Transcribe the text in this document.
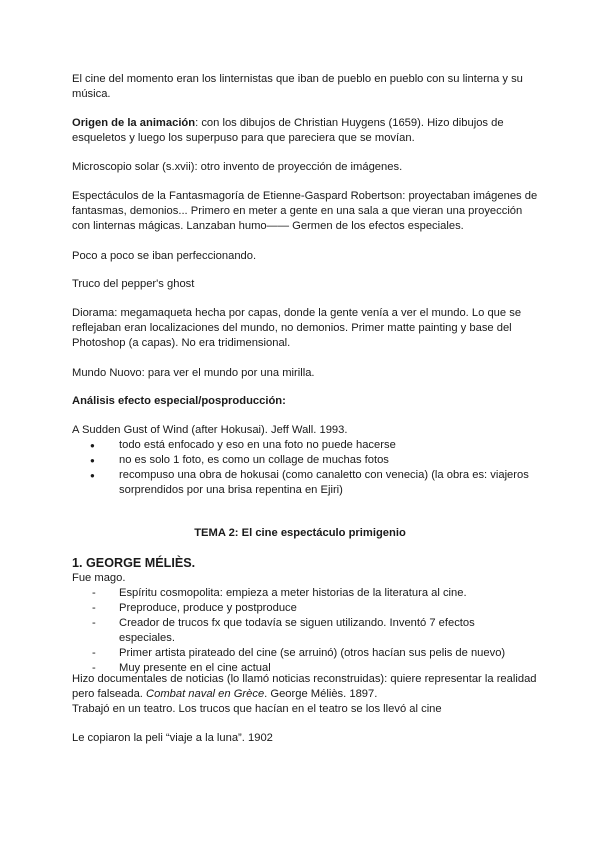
El cine del momento eran los linternistas que iban de pueblo en pueblo con su linterna y su música.

Origen de la animación: con los dibujos de Christian Huygens (1659). Hizo dibujos de esqueletos y luego los superpuso para que pareciera que se movían.

Microscopio solar (s.xvii): otro invento de proyección de imágenes.

Espectáculos de la Fantasmagoría de Etienne-Gaspard Robertson: proyectaban imágenes de fantasmas, demonios... Primero en meter a gente en una sala a que vieran una proyección con linternas mágicas. Lanzaban humo—— Germen de los efectos especiales.

Poco a poco se iban perfeccionando.

Truco del pepper's ghost

Diorama: megamaqueta hecha por capas, donde la gente venía a ver el mundo. Lo que se reflejaban eran localizaciones del mundo, no demonios. Primer matte painting y base del Photoshop (a capas). No era tridimensional.

Mundo Nuovo: para ver el mundo por una mirilla.

Análisis efecto especial/posproducción:

A Sudden Gust of Wind (after Hokusai). Jeff Wall. 1993.

● todo está enfocado y eso en una foto no puede hacerse
● no es solo 1 foto, es como un collage de muchas fotos
● recompuso una obra de hokusai (como canaletto con venecia) (la obra es: viajeros sorprendidos por una brisa repentina en Ejiri)
TEMA 2: El cine espectáculo primigenio

1. GEORGE MÉLIÈS.

Fue mago.

- Espíritu cosmopolita: empieza a meter historias de la literatura al cine.
- Preproduce, produce y postproduce
- Creador de trucos fx que todavía se siguen utilizando. Inventó 7 efectos especiales.
- Primer artista pirateado del cine (se arruinó) (otros hacían sus pelis de nuevo)
- Muy presente en el cine actual

Hizo documentales de noticias (lo llamó noticias reconstruidas): quiere representar la realidad pero falseada. Combat naval en Grèce. George Méliès. 1897.

Trabajó en un teatro. Los trucos que hacían en el teatro se los llevó al cine

Le copiaron la peli “viaje a la luna”. 1902
